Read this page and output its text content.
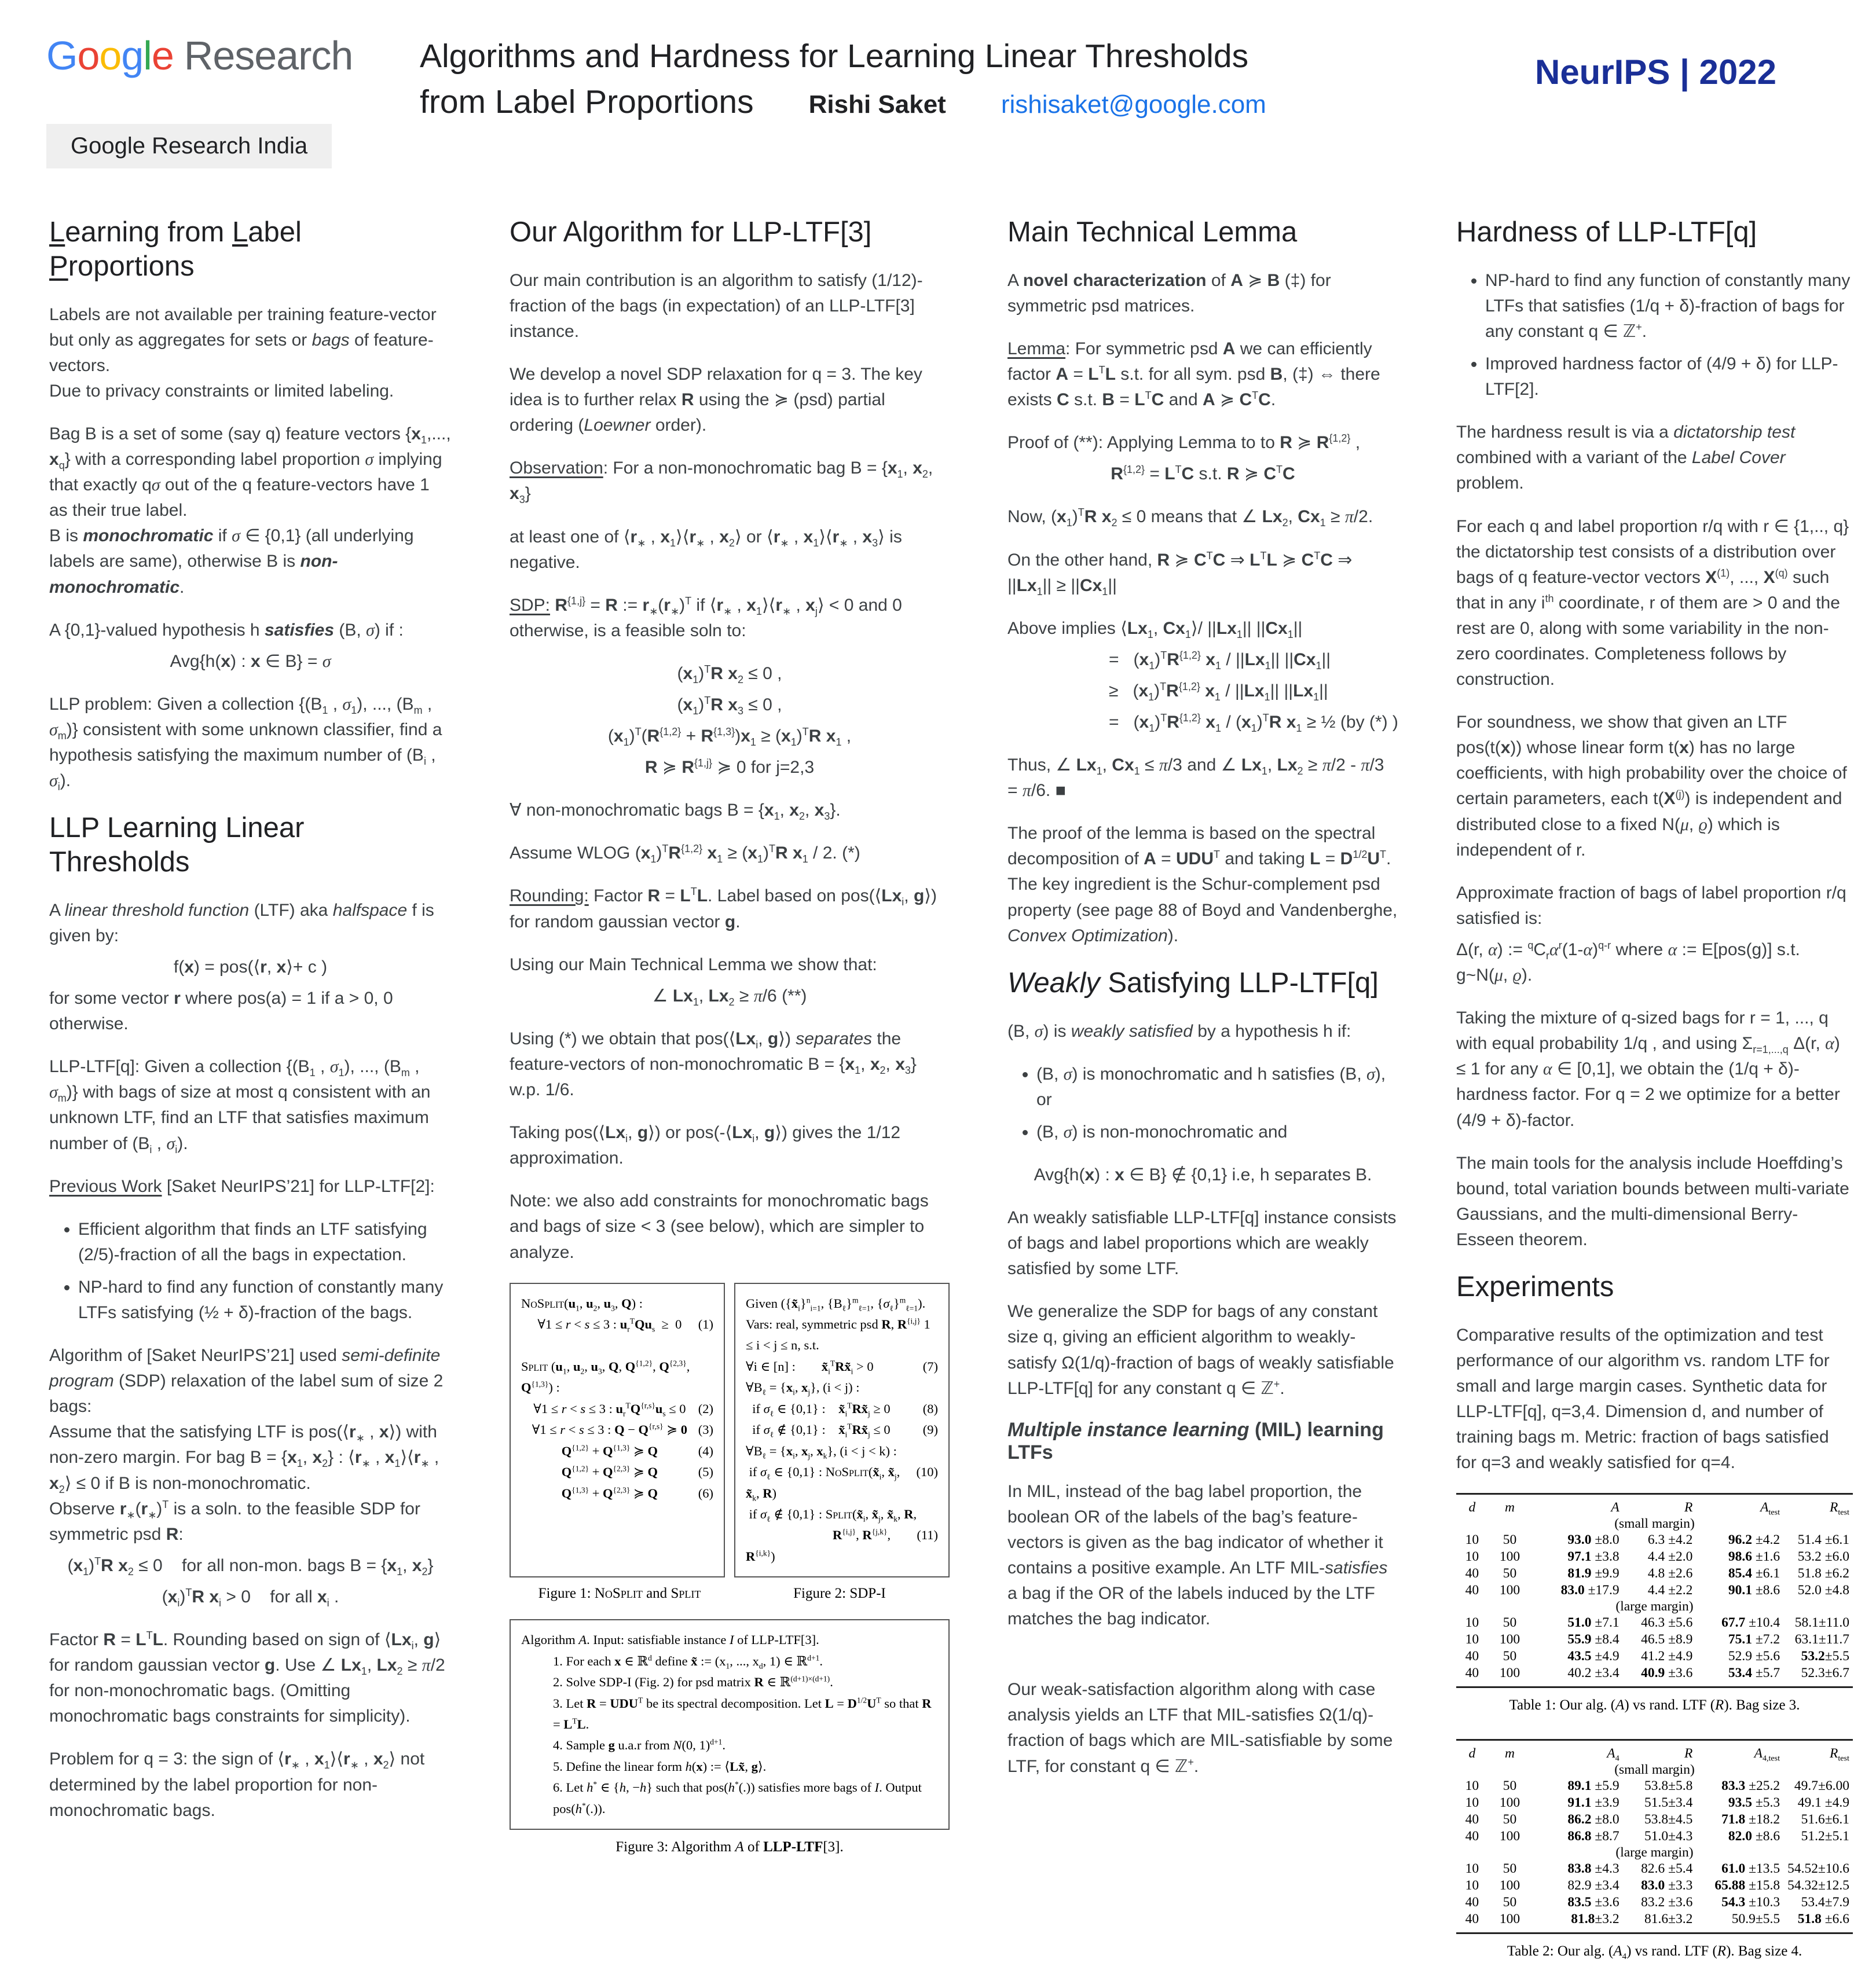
Google Research
Google Research India
Algorithms and Hardness for Learning Linear Thresholds
from Label Proportions Rishi Saket rishisaket@google.com
NeurIPS | 2022
Learning from Label Proportions

Labels are not available per training feature-vector but only as aggregates for sets or bags of feature-vectors.
Due to privacy constraints or limited labeling.

Bag B is a set of some (say q) feature vectors {$x_1$,..., $x_q$} with a corresponding label proportion σ implying that exactly qσ out of the q feature-vectors have 1 as their true label.
B is monochromatic if σ ∈ {0,1} (all underlying labels are same), otherwise B is non-monochromatic.

A {0,1}-valued hypothesis h satisfies (B, σ) if :

Avg{h(x) : x ∈ B} = σ

LLP problem: Given a collection {($B_1$ , $\sigma_1$), ..., ($B_m$ , $\sigma_m$)} consistent with some unknown classifier, find a hypothesis satisfying the maximum number of ($B_i$ , $\sigma_i$).

LLP Learning Linear Thresholds

A linear threshold function (LTF) aka halfspace f is given by:

f(x) = pos(⟨r, x⟩+ c )

for some vector r where pos(a) = 1 if a > 0, 0 otherwise.

LLP-LTF[q]: Given a collection {($B_1$ , $\sigma_1$), ..., ($B_m$ , $\sigma_m$)} with bags of size at most q consistent with an unknown LTF, find an LTF that satisfies maximum number of ($B_i$ , $\sigma_i$).

Previous Work [Saket NeurIPS’21] for LLP-LTF[2]:

• Efficient algorithm that finds an LTF satisfying (2/5)-fraction of all the bags in expectation.
• NP-hard to find any function of constantly many LTFs satisfying (½ + δ)-fraction of the bags.

Algorithm of [Saket NeurIPS’21] used semi-definite program (SDP) relaxation of the label sum of size 2 bags:
Assume that the satisfying LTF is $pos(⟨r_∗$ , x⟩) with non-zero margin. For bag $B = \{x_1$, $x_2$} : $⟨r_∗$ , $x_1⟩⟨r_∗$ , $x_2⟩ \le 0$ if B is non-monochromatic.
Observe $r_∗(r_∗)^T$ is a soln. to the feasible SDP for symmetric psd R:

$(x_1)^TR$ $x_2 \le 0$    for all non-mon. bags $B = \{x_1$, $x_2$}

$(x_i)^TR$ $x_i > 0$    for all $x_i$ .

Factor $R = L^TL$. Rounding based on sign of $⟨Lx_i$, g⟩ for random gaussian vector g. Use ∠ $Lx_1$, $Lx_2 \ge \pi/2$ for non-monochromatic bags. (Omitting monochromatic bags constraints for simplicity).

Problem for q = 3: the sign of $⟨r_∗$ , $x_1⟩⟨r_∗$ , $x_2⟩$ not determined by the label proportion for non-monochromatic bags.

Our Algorithm for LLP-LTF[3]

Our main contribution is an algorithm to satisfy (1/12)-fraction of the bags (in expectation) of an LLP-LTF[3] instance.

We develop a novel SDP relaxation for q = 3. The key idea is to further relax R using the ≽ (psd) partial ordering (Loewner order).

Observation: For a non-monochromatic bag $B = \{x_1$, $x_2$, $x_3$}

at least one of $⟨r_∗$ , $x_1⟩⟨r_∗$ , $x_2⟩$ or $⟨r_∗$ , $x_1⟩⟨r_∗$ , $x_3⟩$ is negative.

SDP: $R^{\{1,j\}} = R$ := $r_∗(r_∗)^T$ if $⟨r_∗$ , $x_1⟩⟨r_∗$ , $x_j⟩ < 0$ and 0 otherwise, is a feasible soln to:

$(x_1)^TR$ $x_2 \le 0$ ,

$(x_1)^TR$ $x_3 \le 0$ ,

$(x_1)^T(R^{\{1,2\}} + R^{\{1,3\}})x_1 \ge (x_1)^TR$ $x_1$ ,

R ≽ $R^{\{1,j\}}$ ≽ 0 for j=2,3

∀ non-monochromatic bags $B = \{x_1$, $x_2$, $x_3$}.

Assume WLOG $(x_1)^TR^{\{1,2\}}$ $x_1 \ge (x_1)^TR$ $x_1 / 2$. (*)

Rounding: Factor $R = L^TL$. Label based on $pos(⟨Lx_i$, g⟩) for random gaussian vector g.

Using our Main Technical Lemma we show that:

∠ $Lx_1$, $Lx_2 \ge \pi/6$ (**)

Using (*) we obtain that $pos(⟨Lx_i$, g⟩) separates the feature-vectors of non-monochromatic $B = \{x_1$, $x_2$, $x_3$} w.p. 1/6.

Taking $pos(⟨Lx_i$, g⟩) or $pos(-⟨Lx_i$, g⟩) gives the 1/12 approximation.

Note: we also add constraints for monochromatic bags and bags of size < 3 (see below), which are simpler to analyze.

$NoSplit(u_1$, $u_2$, $u_3$, Q) :
(1)
∀1 ≤ r < s ≤ 3 : $u_r^TQu_s \ge 0$

Split ($u_1$, $u_2$, $u_3$, Q, $Q^{\{1,2\}}$, $Q^{\{2,3\}}$, $Q^{\{1,3\}}$) :
(2)
∀1 ≤ r < s ≤ 3 : $u_r^TQ^{\{r,s\}}u_s \le 0$
(3)
∀1 ≤ r < s ≤ 3 : $Q - Q^{\{r,s\}}$ ≽ 0
(4)
$Q^{\{1,2\}} + Q^{\{1,3\}}$ ≽ Q
(5)
$Q^{\{1,2\}} + Q^{\{2,3\}}$ ≽ Q
(6)
$Q^{\{1,3\}} + Q^{\{2,3\}}$ ≽ Q
Given ($\{x̃_i\}^n_{i=1}$, $\{B_\ell\}^m_{\ell=1}$, $\{\sigma_\ell\}^m_{\ell=1}$). Vars: real, symmetric psd R, $R^{\{i,j\}}$ 1 ≤ i < j ≤ n, s.t.
(7)
∀i ∈ [n] :        $x̃_i^TRx̃_i > 0$
$\forall B_\ell = \{x_i$, $x_j$}, (i < j) :
(8)
if $\sigma_\ell$ ∈ {0,1} :    $x̃_i^TRx̃_j \ge 0$
(9)
if $\sigma_\ell$ ∉ {0,1} :    $x̃_i^TRx̃_j \le 0$
$\forall B_\ell = \{x_i$, $x_j$, $x_k$}, (i < j < k) :
(10)
if $\sigma_\ell$ ∈ {0,1} : $NoSplit(x̃_i$, $x̃_j$, $x̃_k$, R)
if $\sigma_\ell$ ∉ {0,1} : $Split(x̃_i$, $x̃_j$, $x̃_k$, R,
(11)
$R^{\{i,j\}}$, $R^{\{j,k\}}$, $R^{\{i,k\}}$)
Figure 1: NoSplit and Split	Figure 2: SDP-I
Algorithm A. Input: satisfiable instance I of LLP-LTF[3].
1. For each x ∈ ℝ$^d$ define x̃ := ($x_1$, ..., $x_d$, 1) ∈ ℝ$^{d+1}$.
2. Solve SDP-I (Fig. 2) for psd matrix R ∈ ℝ$^{(d+1)\times(d+1)}$.
3. Let $R = UDU^T$ be its spectral decomposition. Let $L = D^{1/2}U^T$ so that $R = L^TL$.
4. Sample g u.a.r from N(0, 1)$^{d+1}$.
5. Define the linear form h(x) := ⟨Lx̃, g⟩.
6. Let h* ∈ {h, −h} such that pos(h*(.)) satisfies more bags of I. Output pos(h*(.)).
Figure 3: Algorithm A of LLP-LTF[3].
Main Technical Lemma

A novel characterization of A ≽ B (‡) for symmetric psd matrices.

Lemma: For symmetric psd A we can efficiently factor $A = L^TL$ s.t. for all sym. psd B, (‡) ⇔ there exists C s.t. $B = L^TC$ and A ≽ $C^TC$.

Proof of (**): Applying Lemma to to R ≽ $R^{\{1,2\}}$ ,

$R^{\{1,2\}} = L^TC$ s.t. R ≽ $C^TC$

Now, $(x_1)^TR$ $x_2 \le 0$ means that ∠ $Lx_2$, $Cx_1 \ge \pi/2$.

On the other hand, R ≽ $C^TC$ ⇒ $L^TL$ ≽ $C^TC$ ⇒ $||Lx_1|| \ge ||Cx_1||$

Above implies $⟨Lx_1$, $Cx_1⟩/$ $||Lx_1||$ $||Cx_1||$

=   $(x_1)^TR^{\{1,2\}}$ $x_1 / ||Lx_1||$ $||Cx_1||$

≥   $(x_1)^TR^{\{1,2\}}$ $x_1 / ||Lx_1||$ $||Lx_1||$

=   $(x_1)^TR^{\{1,2\}}$ $x_1 / (x_1)^TR$ $x_1$ ≥ ½ (by (*) )

Thus, ∠ $Lx_1$, $Cx_1 \le \pi/3$ and ∠ $Lx_1$, $Lx_2 \ge \pi/2 - \pi/3 = \pi/6$. ■

The proof of the lemma is based on the spectral decomposition of $A = UDU^T$ and taking $L = D^{1/2}U^T$. The key ingredient is the Schur-complement psd property (see page 88 of Boyd and Vandenberghe, Convex Optimization).

Weakly Satisfying LLP-LTF[q]

(B, σ) is weakly satisfied by a hypothesis h if:

• (B, σ) is monochromatic and h satisfies (B, σ), or
• (B, σ) is non-monochromatic and

Avg{h(x) : x ∈ B} ∉ {0,1} i.e, h separates B.

An weakly satisfiable LLP-LTF[q] instance consists of bags and label proportions which are weakly satisfied by some LTF.

We generalize the SDP for bags of any constant size q, giving an efficient algorithm to weakly-satisfy Ω(1/q)-fraction of bags of weakly satisfiable LLP-LTF[q] for any constant q ∈ ℤ+.

Multiple instance learning (MIL) learning LTFs

In MIL, instead of the bag label proportion, the boolean OR of the labels of the bag’s feature-vectors is given as the bag indicator of whether it contains a positive example. An LTF MIL-satisfies a bag if the OR of the labels induced by the LTF matches the bag indicator.

Our weak-satisfaction algorithm along with case analysis yields an LTF that MIL-satisfies Ω(1/q)-fraction of bags which are MIL-satisfiable by some LTF, for constant q ∈ ℤ+.

Hardness of LLP-LTF[q]
• NP-hard to find any function of constantly many LTFs that satisfies (1/q + δ)-fraction of bags for any constant q ∈ ℤ+.
• Improved hardness factor of (4/9 + δ) for LLP-LTF[2].

The hardness result is via a dictatorship test combined with a variant of the Label Cover problem.

For each q and label proportion r/q with r ∈ {1,.., q} the dictatorship test consists of a distribution over bags of q feature-vector vectors $X^{(1)}$, ..., $X^{(q)}$ such that in any $i^{th}$ coordinate, r of them are > 0 and the rest are 0, along with some variability in the non-zero coordinates. Completeness follows by construction.

For soundness, we show that given an LTF pos(t(x)) whose linear form t(x) has no large coefficients, with high probability over the choice of certain parameters, each $t(X^{(j)})$ is independent and distributed close to a fixed N(μ, ϱ) which is independent of r.

Approximate fraction of bags of label proportion r/q satisfied is:

Δ(r, α) := $^qC_r\alpha^r(1-\alpha)^{q-r}$ where α := E[pos(g)] s.t. g~N(μ, ϱ).

Taking the mixture of q-sized bags for r = 1, ..., q with equal probability 1/q , and using $\Sigma_{r=1,...,q}$ Δ(r, α) ≤ 1 for any α ∈ [0,1], we obtain the (1/q + δ)-hardness factor. For q = 2 we optimize for a better (4/9 + δ)-factor.

The main tools for the analysis include Hoeffding’s bound, total variation bounds between multi-variate Gaussians, and the multi-dimensional Berry-Esseen theorem.

Experiments

Comparative results of the optimization and test performance of our algorithm vs. random LTF for small and large margin cases. Synthetic data for LLP-LTF[q], q=3,4. Dimension d, and number of training bags m. Metric: fraction of bags satisfied for q=3 and weakly satisfied for q=4.

d	m	A	R	$A_{test}$	$R_{test}$
(small margin)
10	50	93.0 ±8.0	6.3 ±4.2	96.2 ±4.2	51.4 ±6.1
10	100	97.1 ±3.8	4.4 ±2.0	98.6 ±1.6	53.2 ±6.0
40	50	81.9 ±9.9	4.8 ±2.6	85.4 ±6.1	51.8 ±6.2
40	100	83.0 ±17.9	4.4 ±2.2	90.1 ±8.6	52.0 ±4.8
(large margin)
10	50	51.0 ±7.1	46.3 ±5.6	67.7 ±10.4	58.1±11.0
10	100	55.9 ±8.4	46.5 ±8.9	75.1 ±7.2	63.1±11.7
40	50	43.5 ±4.9	41.2 ±4.9	52.9 ±5.6	53.2±5.5
40	100	40.2 ±3.4	40.9 ±3.6	53.4 ±5.7	52.3±6.7
Table 1: Our alg. (A) vs rand. LTF (R). Bag size 3.
d	m	$A_4$	R	$A_{4,test}$	$R_{test}$
(small margin)
10	50	89.1 ±5.9	53.8±5.8	83.3 ±25.2	49.7±6.00
10	100	91.1 ±3.9	51.5±3.4	93.5 ±5.3	49.1 ±4.9
40	50	86.2 ±8.0	53.8±4.5	71.8 ±18.2	51.6±6.1
40	100	86.8 ±8.7	51.0±4.3	82.0 ±8.6	51.2±5.1
(large margin)
10	50	83.8 ±4.3	82.6 ±5.4	61.0 ±13.5 54.52±10.6
10	100	82.9 ±3.4	83.0 ±3.3	65.88 ±15.8 54.32±12.5
40	50	83.5 ±3.6	83.2 ±3.6	54.3 ±10.3	53.4±7.9
40	100	81.8±3.2	81.6±3.2	50.9±5.5	51.8 ±6.6
Table 2: Our alg. $(A_4)$ vs rand. LTF (R). Bag size 4.
